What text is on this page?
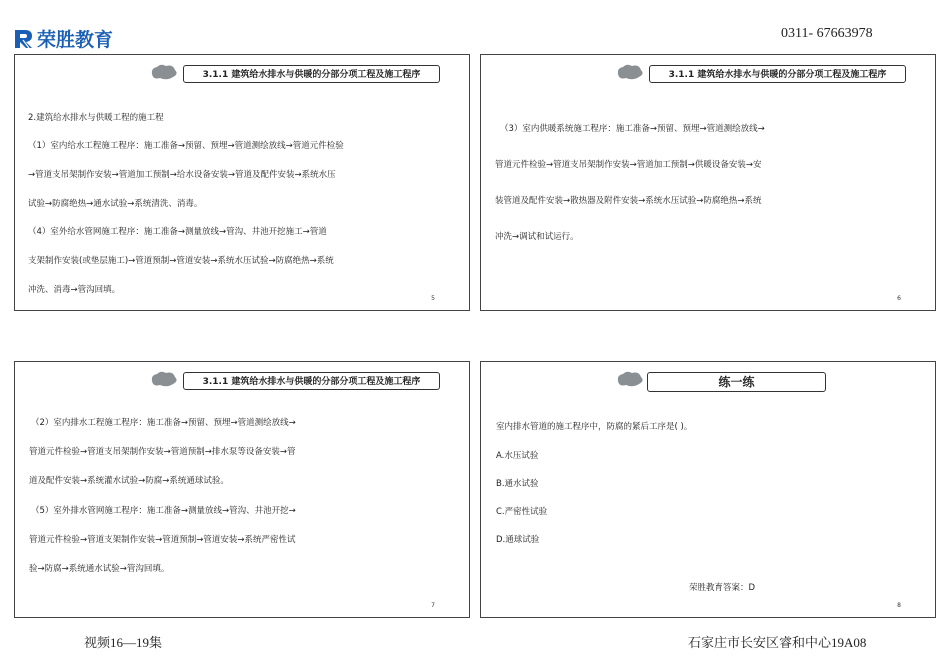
荣胜教育	0311- 67663978
3.1.1 建筑给水排水与供暖的分部分项工程及施工程序
2.建筑给水排水与供暖工程的施工程
（1）室内给水工程施工程序：施工准备→预留、预埋→管道测绘放线→管道元件检验
→管道支吊架制作安装→管道加工预制→给水设备安装→管道及配件安装→系统水压
试验→防腐绝热→通水试验→系统清洗、消毒。
（4）室外给水管网施工程序：施工准备→测量放线→管沟、井池开挖施工→管道
支架制作安装(或垫层施工)→管道预制→管道安装→系统水压试验→防腐绝热→系统
冲洗、消毒→管沟回填。
5
3.1.1 建筑给水排水与供暖的分部分项工程及施工程序
（3）室内供暖系统施工程序：施工准备→预留、预埋→管道测绘放线→
管道元件检验→管道支吊架制作安装→管道加工预制→供暖设备安装→安
装管道及配件安装→散热器及附件安装→系统水压试验→防腐绝热→系统
冲洗→调试和试运行。
6
3.1.1 建筑给水排水与供暖的分部分项工程及施工程序
（2）室内排水工程施工程序：施工准备→预留、预埋→管道测绘放线→
管道元件检验→管道支吊架制作安装→管道预制→排水泵等设备安装→管
道及配件安装→系统灌水试验→防腐→系统通球试验。
（5）室外排水管网施工程序：施工准备→测量放线→管沟、井池开挖→
管道元件检验→管道支架制作安装→管道预制→管道安装→系统严密性试
验→防腐→系统通水试验→管沟回填。
7
练一练
室内排水管道的施工程序中，防腐的紧后工序是( )。
A.水压试验
B.通水试验
C.严密性试验
D.通球试验
荣胜教育答案：D
8
视频16—19集	石家庄市长安区睿和中心19A08
